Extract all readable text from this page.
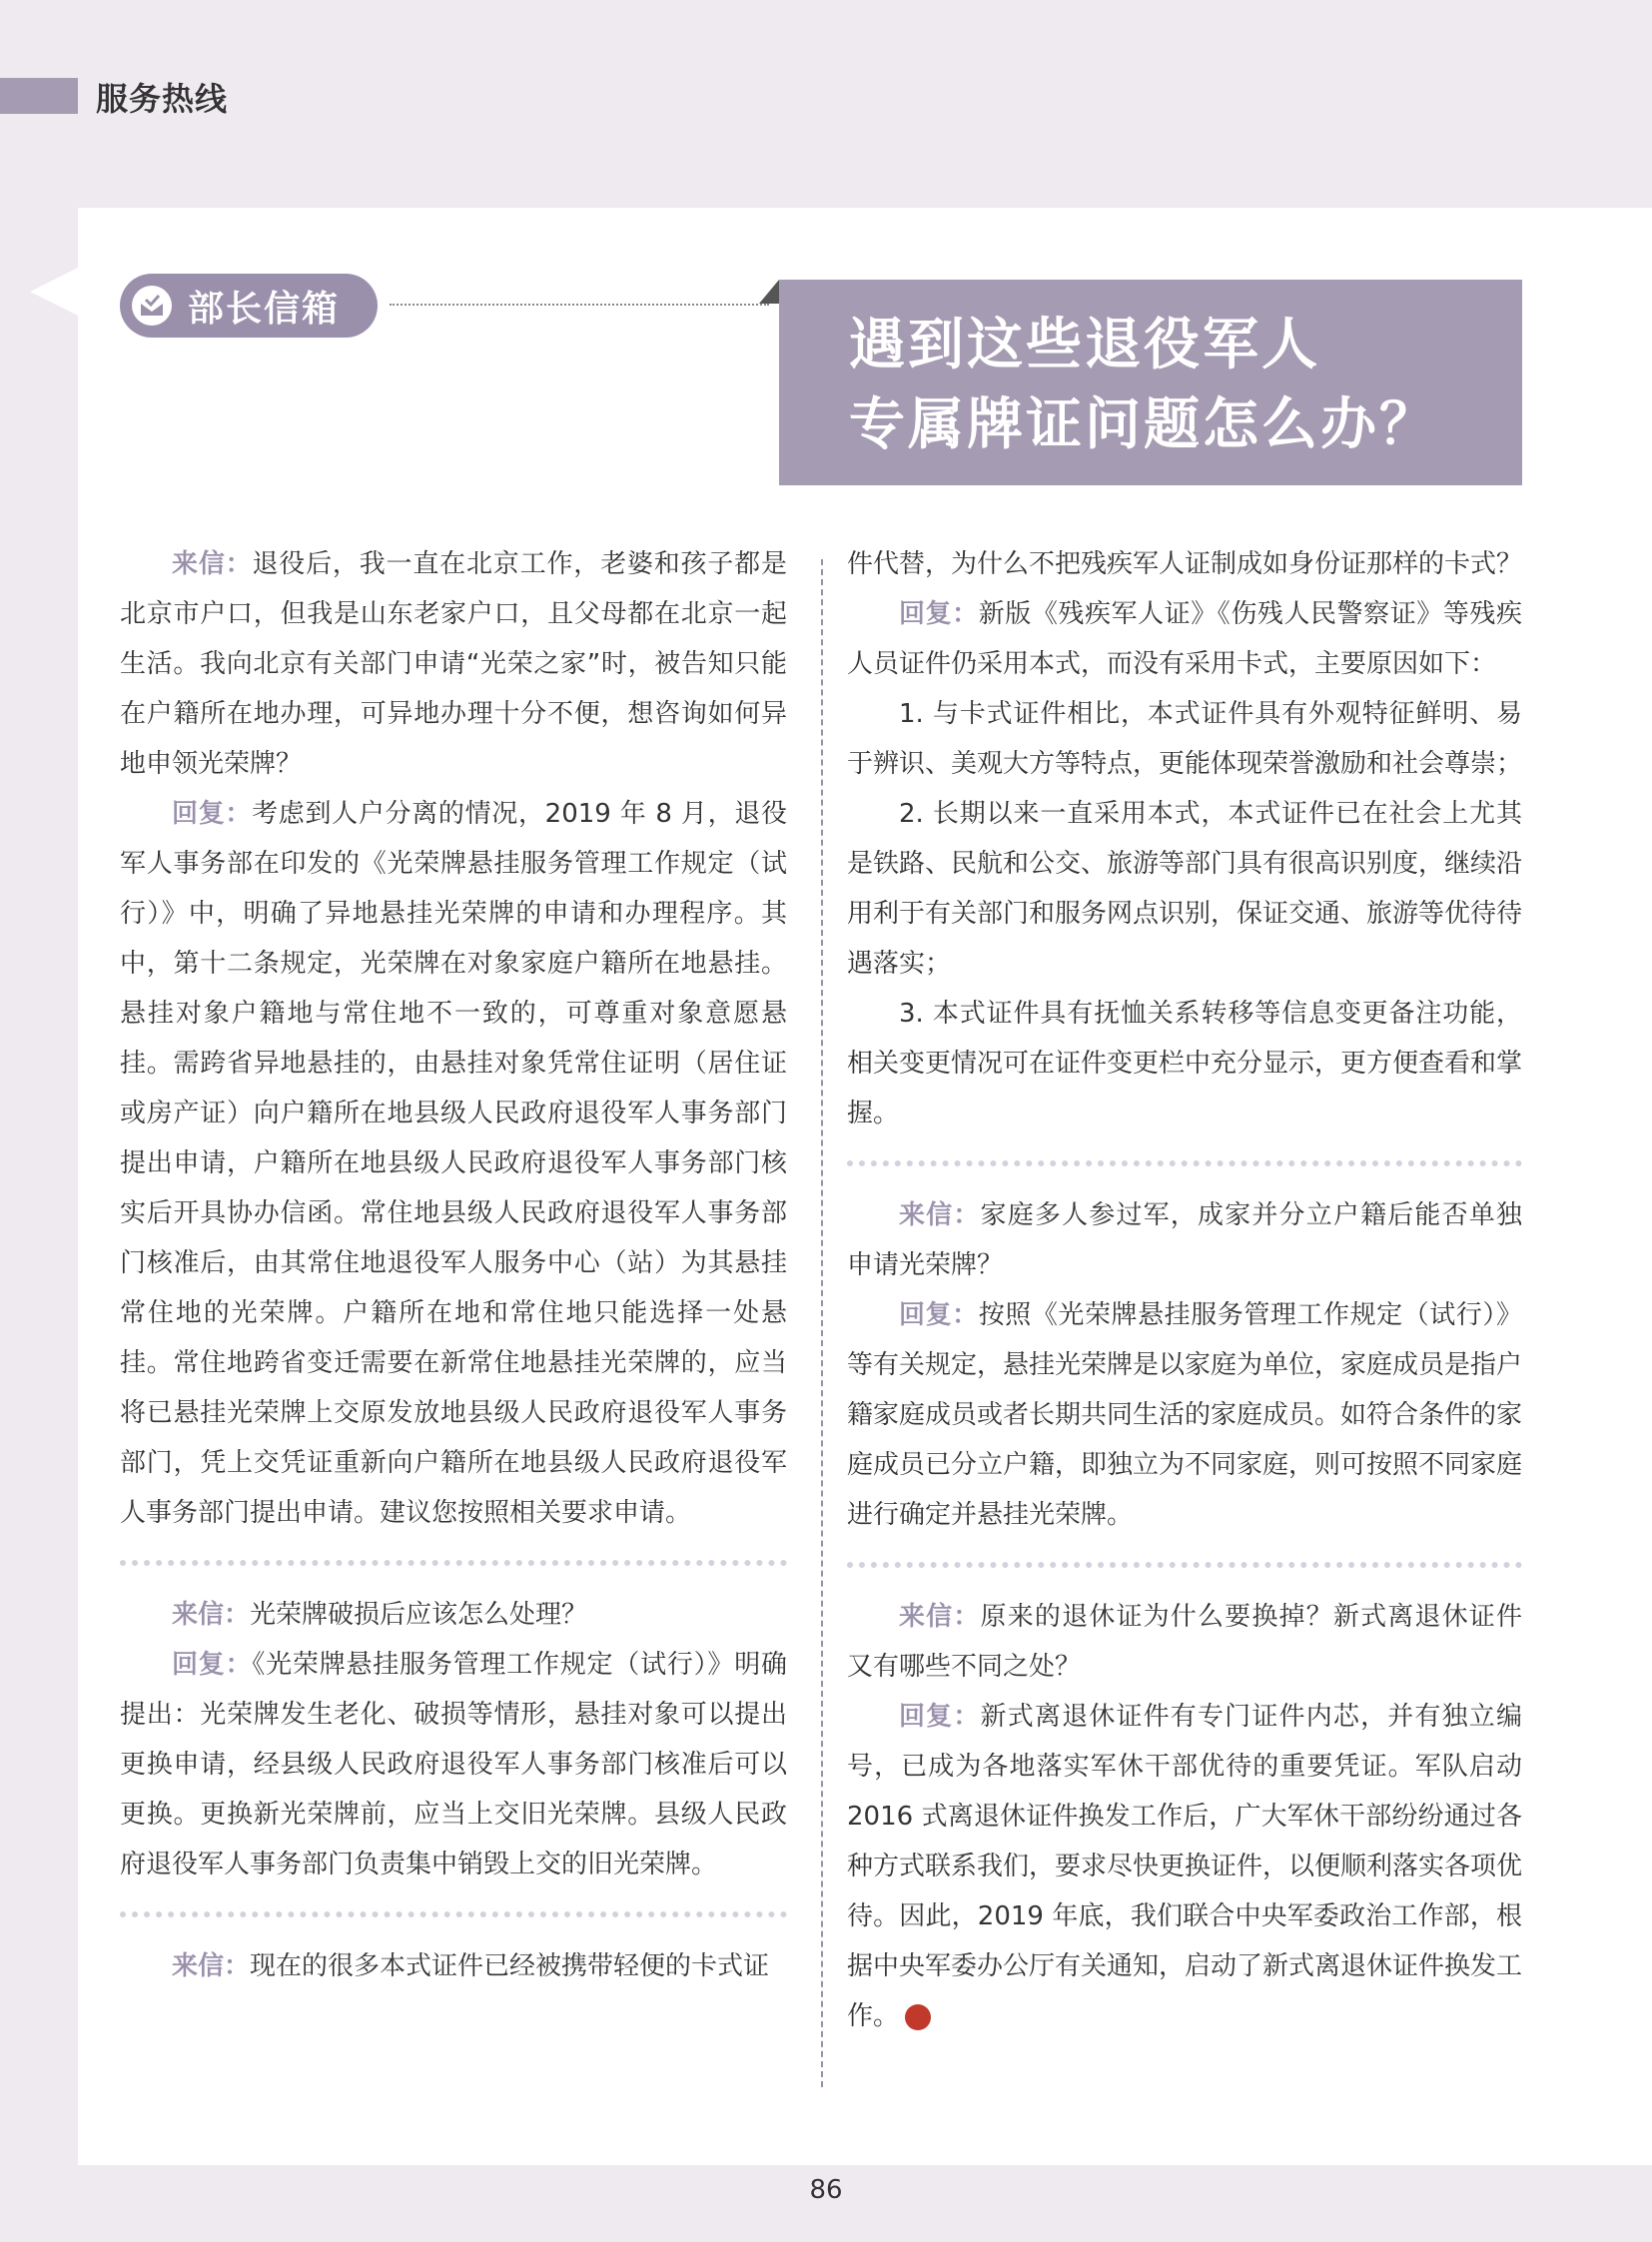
服务热线
部长信箱
遇到这些退役军人
专属牌证问题怎么办？

来信：退役后，我一直在北京工作，老婆和孩子都是北京市户口，但我是山东老家户口，且父母都在北京一起生活。我向北京有关部门申请“光荣之家”时，被告知只能在户籍所在地办理，可异地办理十分不便，想咨询如何异地申领光荣牌？

回复：考虑到人户分离的情况，2019 年 8 月，退役军人事务部在印发的《光荣牌悬挂服务管理工作规定（试行）》中，明确了异地悬挂光荣牌的申请和办理程序。其中，第十二条规定，光荣牌在对象家庭户籍所在地悬挂。悬挂对象户籍地与常住地不一致的，可尊重对象意愿悬挂。需跨省异地悬挂的，由悬挂对象凭常住证明（居住证或房产证）向户籍所在地县级人民政府退役军人事务部门提出申请，户籍所在地县级人民政府退役军人事务部门核实后开具协办信函。常住地县级人民政府退役军人事务部门核准后，由其常住地退役军人服务中心（站）为其悬挂常住地的光荣牌。户籍所在地和常住地只能选择一处悬挂。常住地跨省变迁需要在新常住地悬挂光荣牌的，应当将已悬挂光荣牌上交原发放地县级人民政府退役军人事务部门，凭上交凭证重新向户籍所在地县级人民政府退役军人事务部门提出申请。建议您按照相关要求申请。

来信：光荣牌破损后应该怎么处理？

回复：《光荣牌悬挂服务管理工作规定（试行）》明确提出：光荣牌发生老化、破损等情形，悬挂对象可以提出更换申请，经县级人民政府退役军人事务部门核准后可以更换。更换新光荣牌前，应当上交旧光荣牌。县级人民政府退役军人事务部门负责集中销毁上交的旧光荣牌。

来信：现在的很多本式证件已经被携带轻便的卡式证

件代替，为什么不把残疾军人证制成如身份证那样的卡式？

回复：新版《残疾军人证》《伤残人民警察证》等残疾人员证件仍采用本式，而没有采用卡式，主要原因如下：

1. 与卡式证件相比，本式证件具有外观特征鲜明、易于辨识、美观大方等特点，更能体现荣誉激励和社会尊崇；

2. 长期以来一直采用本式，本式证件已在社会上尤其是铁路、民航和公交、旅游等部门具有很高识别度，继续沿用利于有关部门和服务网点识别，保证交通、旅游等优待待遇落实；

3. 本式证件具有抚恤关系转移等信息变更备注功能，相关变更情况可在证件变更栏中充分显示，更方便查看和掌握。

来信：家庭多人参过军，成家并分立户籍后能否单独申请光荣牌？

回复：按照《光荣牌悬挂服务管理工作规定（试行）》等有关规定，悬挂光荣牌是以家庭为单位，家庭成员是指户籍家庭成员或者长期共同生活的家庭成员。如符合条件的家庭成员已分立户籍，即独立为不同家庭，则可按照不同家庭进行确定并悬挂光荣牌。

来信：原来的退休证为什么要换掉？新式离退休证件又有哪些不同之处？

回复：新式离退休证件有专门证件内芯，并有独立编号，已成为各地落实军休干部优待的重要凭证。军队启动 2016 式离退休证件换发工作后，广大军休干部纷纷通过各种方式联系我们，要求尽快更换证件，以便顺利落实各项优待。因此，2019 年底，我们联合中央军委政治工作部，根据中央军委办公厅有关通知，启动了新式离退休证件换发工作。	V

86
